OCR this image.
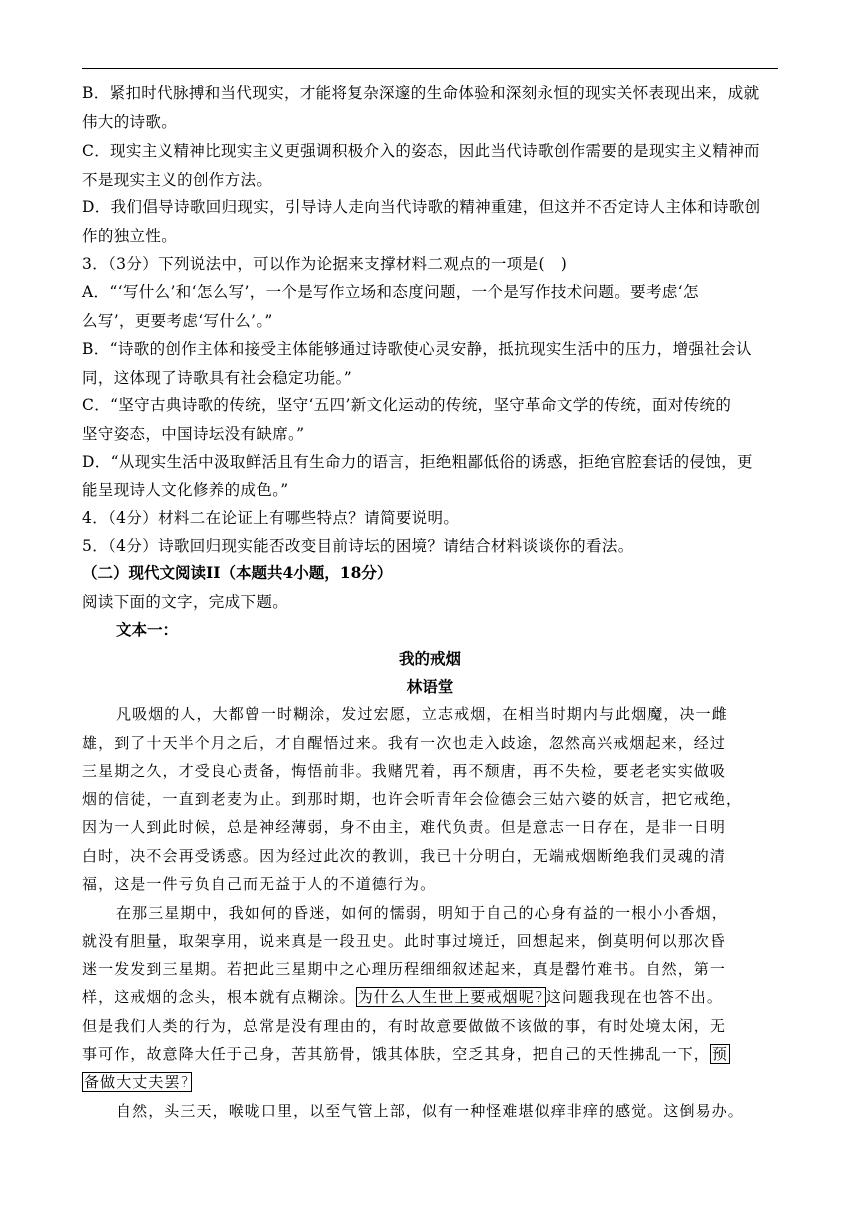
B．紧扣时代脉搏和当代现实，才能将复杂深邃的生命体验和深刻永恒的现实关怀表现出来，成就
伟大的诗歌。
C．现实主义精神比现实主义更强调积极介入的姿态，因此当代诗歌创作需要的是现实主义精神而
不是现实主义的创作方法。
D．我们倡导诗歌回归现实，引导诗人走向当代诗歌的精神重建，但这并不否定诗人主体和诗歌创
作的独立性。
3．（3分）下列说法中，可以作为论据来支撑材料二观点的一项是(　)
A．“‘写什么’和‘怎么写’，一个是写作立场和态度问题，一个是写作技术问题。要考虑‘怎
么写’，更要考虑‘写什么’。”
B．“诗歌的创作主体和接受主体能够通过诗歌使心灵安静，抵抗现实生活中的压力，增强社会认
同，这体现了诗歌具有社会稳定功能。”
C．“坚守古典诗歌的传统，坚守‘五四’新文化运动的传统，坚守革命文学的传统，面对传统的
坚守姿态，中国诗坛没有缺席。”
D．“从现实生活中汲取鲜活且有生命力的语言，拒绝粗鄙低俗的诱惑，拒绝官腔套话的侵蚀，更
能呈现诗人文化修养的成色。”
4．（4分）材料二在论证上有哪些特点？请简要说明。
5．（4分）诗歌回归现实能否改变目前诗坛的困境？请结合材料谈谈你的看法。
（二）现代文阅读II（本题共4小题，18分）
阅读下面的文字，完成下题。
文本一：
我的戒烟
林语堂
凡吸烟的人，大都曾一时糊涂，发过宏愿，立志戒烟，在相当时期内与此烟魔，决一雌
雄，到了十天半个月之后，才自醒悟过来。我有一次也走入歧途，忽然高兴戒烟起来，经过
三星期之久，才受良心责备，悔悟前非。我赌咒着，再不颓唐，再不失检，要老老实实做吸
烟的信徒，一直到老麦为止。到那时期，也许会听青年会俭德会三姑六婆的妖言，把它戒绝，
因为一人到此时候，总是神经薄弱，身不由主，难代负责。但是意志一日存在，是非一日明
白时，决不会再受诱惑。因为经过此次的教训，我已十分明白，无端戒烟断绝我们灵魂的清
福，这是一件亏负自己而无益于人的不道德行为。
在那三星期中，我如何的昏迷，如何的懦弱，明知于自己的心身有益的一根小小香烟，
就没有胆量，取架享用，说来真是一段丑史。此时事过境迁，回想起来，倒莫明何以那次昏
迷一发发到三星期。若把此三星期中之心理历程细细叙述起来，真是罄竹难书。自然，第一
样，这戒烟的念头，根本就有点糊涂。 为什么人生世上要戒烟呢? 这问题我现在也答不出。
但是我们人类的行为，总常是没有理由的，有时故意要做做不该做的事，有时处境太闲，无
事可作，故意降大任于己身，苦其筋骨，饿其体肤，空乏其身，把自己的天性拂乱一下， 预
备做大丈夫罢?
自然，头三天，喉咙口里，以至气管上部，似有一种怪难堪似痒非痒的感觉。这倒易办。
